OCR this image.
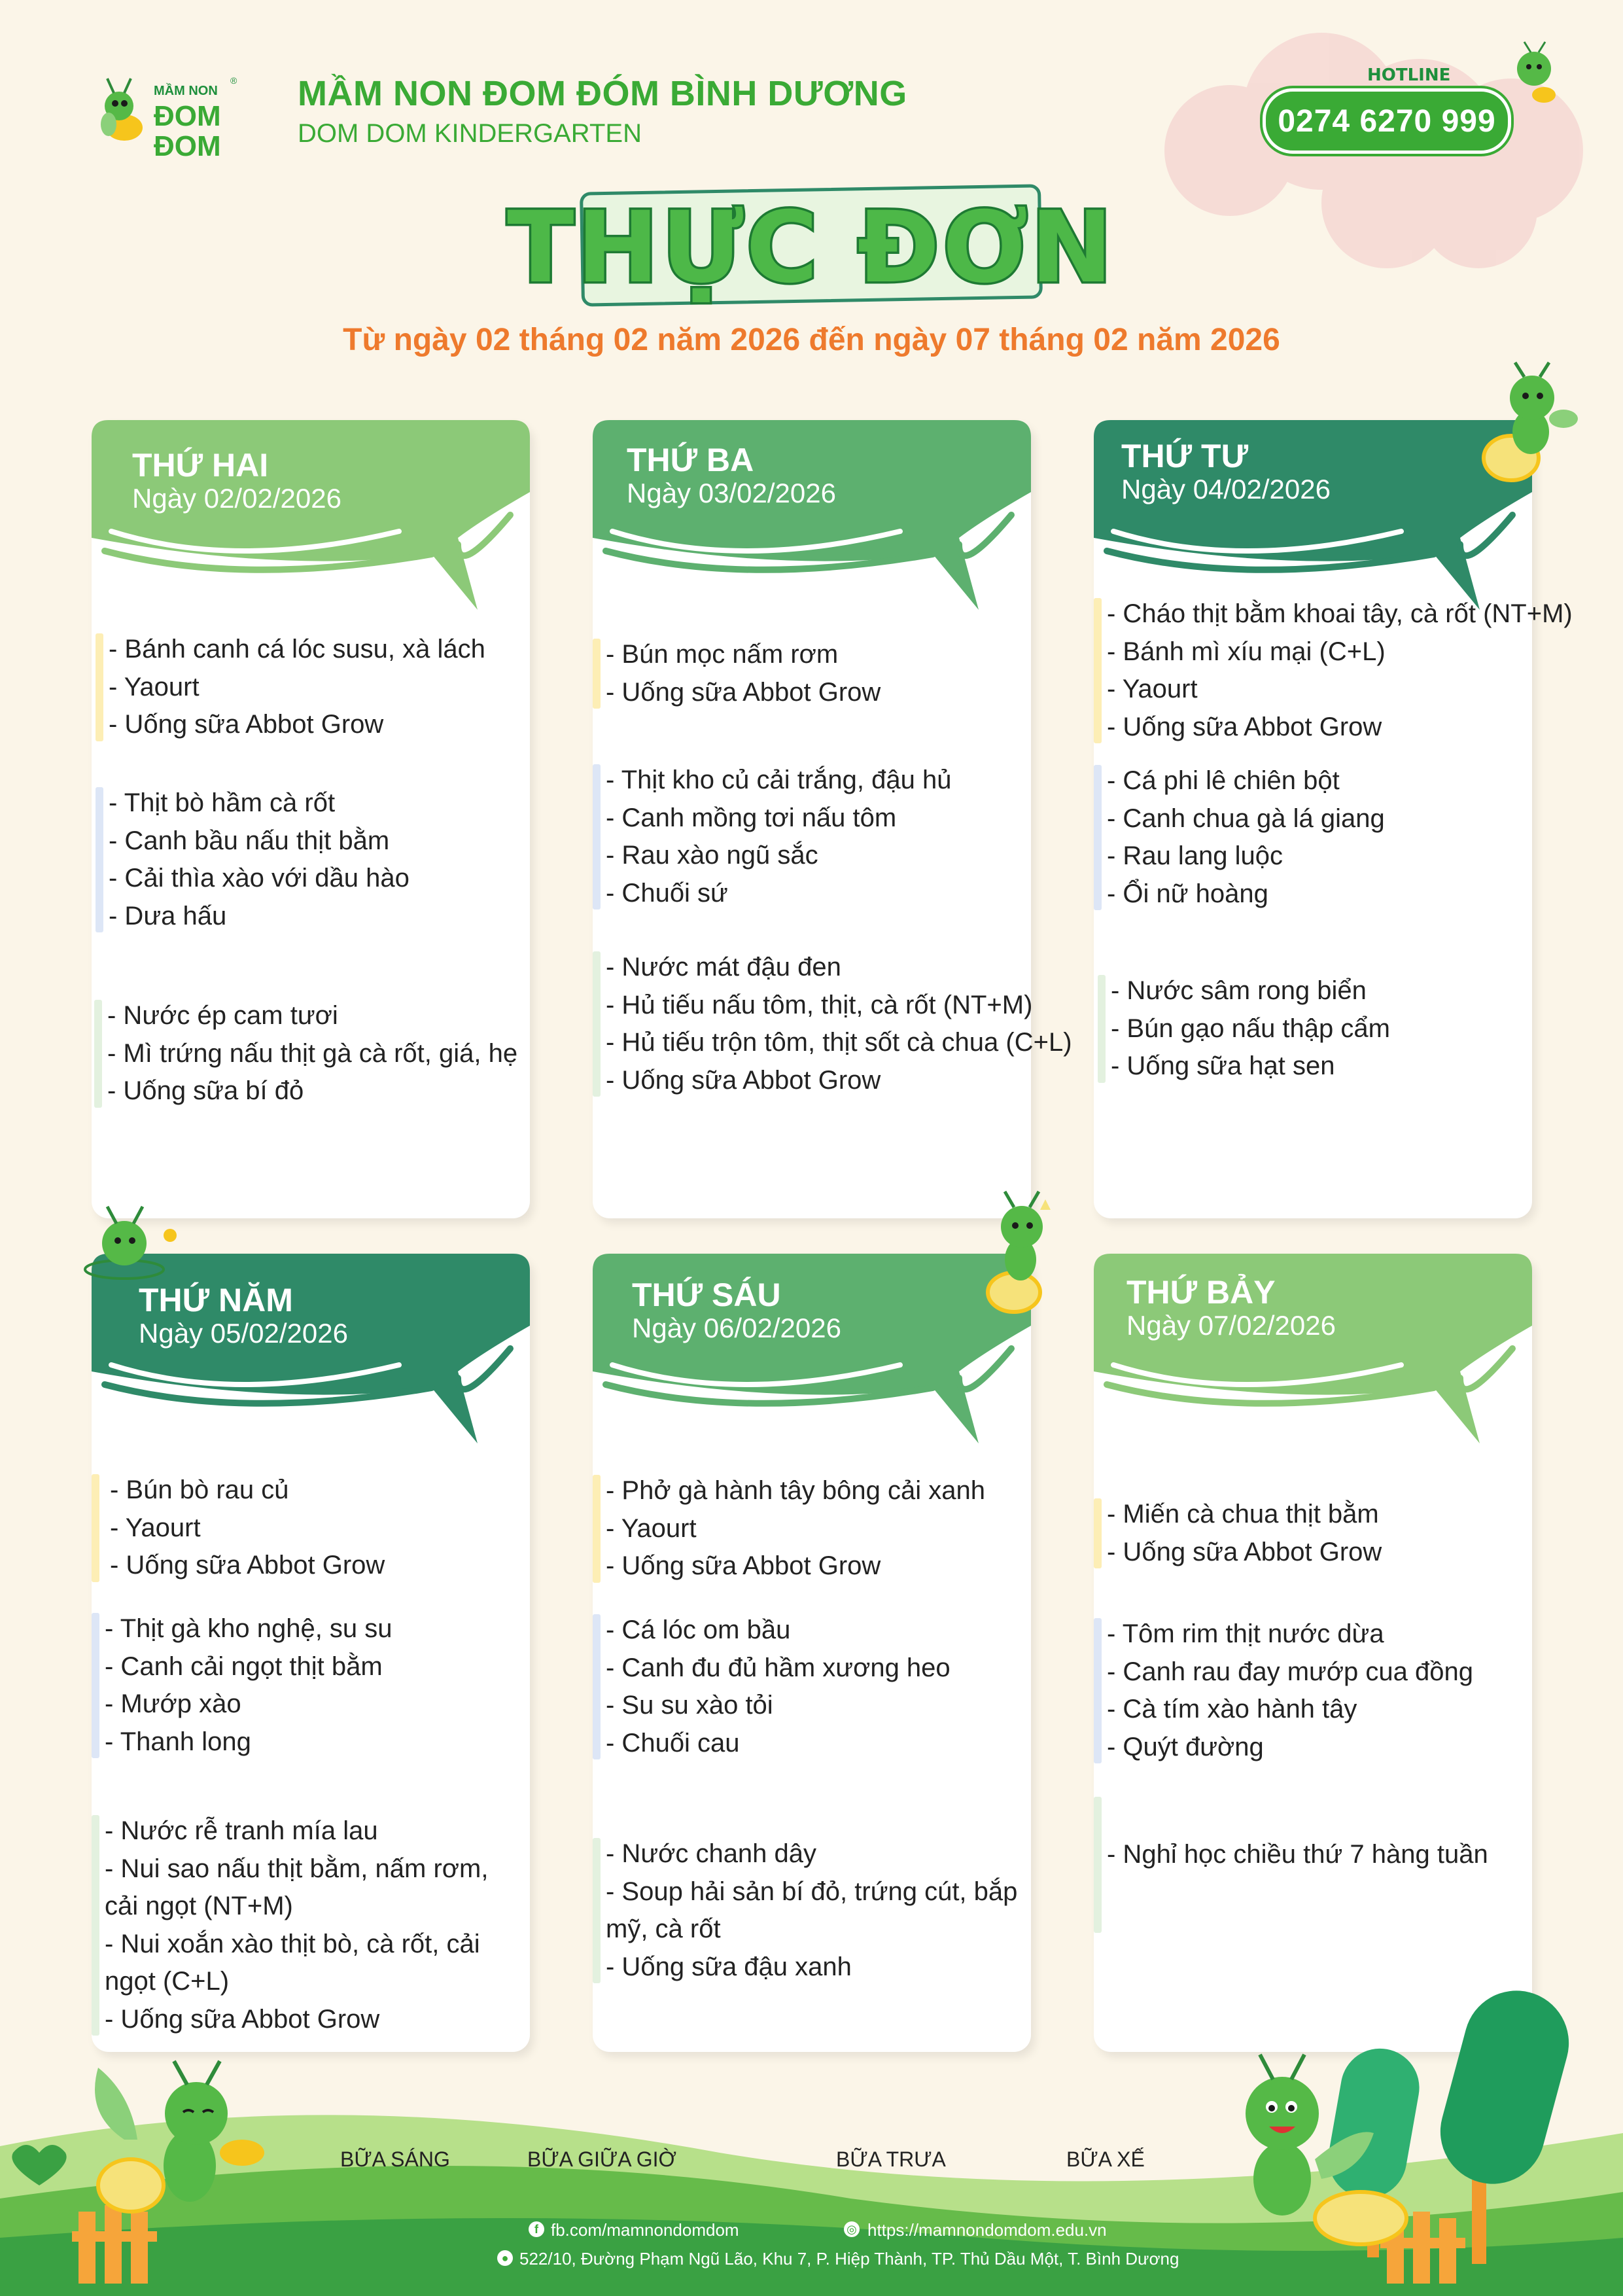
MẦM NON
ĐOM
ĐOM
® MẦM NON ĐOM ĐÓM BÌNH DƯƠNG
DOM DOM KINDERGARTEN
HOTLINE
0274 6270 999
THỰC ĐƠN
Từ ngày 02 tháng 02 năm 2026 đến ngày 07 tháng 02 năm 2026
THỨ HAI
Ngày 02/02/2026
- Bánh canh cá lóc susu, xà lách
- Yaourt
- Uống sữa Abbot Grow
- Thịt bò hầm cà rốt
- Canh bầu nấu thịt bằm
- Cải thìa xào với dầu hào
- Dưa hấu
- Nước ép cam tươi
- Mì trứng nấu thịt gà cà rốt, giá, hẹ
- Uống sữa bí đỏ
THỨ BA
Ngày 03/02/2026
- Bún mọc nấm rơm
- Uống sữa Abbot Grow
- Thịt kho củ cải trắng, đậu hủ
- Canh mồng tơi nấu tôm
- Rau xào ngũ sắc
- Chuối sứ
- Nước mát đậu đen
- Hủ tiếu nấu tôm, thịt, cà rốt (NT+M)
- Hủ tiếu trộn tôm, thịt sốt cà chua (C+L)
- Uống sữa Abbot Grow
THỨ TƯ
Ngày 04/02/2026
- Cháo thịt bằm khoai tây, cà rốt (NT+M)
- Bánh mì xíu mại (C+L)
- Yaourt
- Uống sữa Abbot Grow
- Cá phi lê chiên bột
- Canh chua gà lá giang
- Rau lang luộc
- Ổi nữ hoàng
- Nước sâm rong biển
- Bún gạo nấu thập cẩm
- Uống sữa hạt sen
THỨ NĂM
Ngày 05/02/2026
- Bún bò rau củ
- Yaourt
- Uống sữa Abbot Grow
- Thịt gà kho nghệ, su su
- Canh cải ngọt thịt bằm
- Mướp xào
- Thanh long
- Nước rễ tranh mía lau
- Nui sao nấu thịt bằm, nấm rơm, cải ngọt (NT+M)
- Nui xoắn xào thịt bò, cà rốt, cải ngọt (C+L)
- Uống sữa Abbot Grow
THỨ SÁU
Ngày 06/02/2026
- Phở gà hành tây bông cải xanh
- Yaourt
- Uống sữa Abbot Grow
- Cá lóc om bầu
- Canh đu đủ hầm xương heo
- Su su xào tỏi
- Chuối cau
- Nước chanh dây
- Soup hải sản bí đỏ, trứng cút, bắp mỹ, cà rốt
- Uống sữa đậu xanh
THỨ BẢY
Ngày 07/02/2026
- Miến cà chua thịt bằm
- Uống sữa Abbot Grow
- Tôm rim thịt nước dừa
- Canh rau đay mướp cua đồng
- Cà tím xào hành tây
- Quýt đường
- Nghỉ học chiều thứ 7 hàng tuần
BỮA SÁNG	BỮA GIỮA GIỜ	BỮA TRƯA	BỮA XẾ
f fb.com/mamnondomdom	◎ https://mamnondomdom.edu.vn
● 522/10, Đường Phạm Ngũ Lão, Khu 7, P. Hiệp Thành, TP. Thủ Dầu Một, T. Bình Dương
